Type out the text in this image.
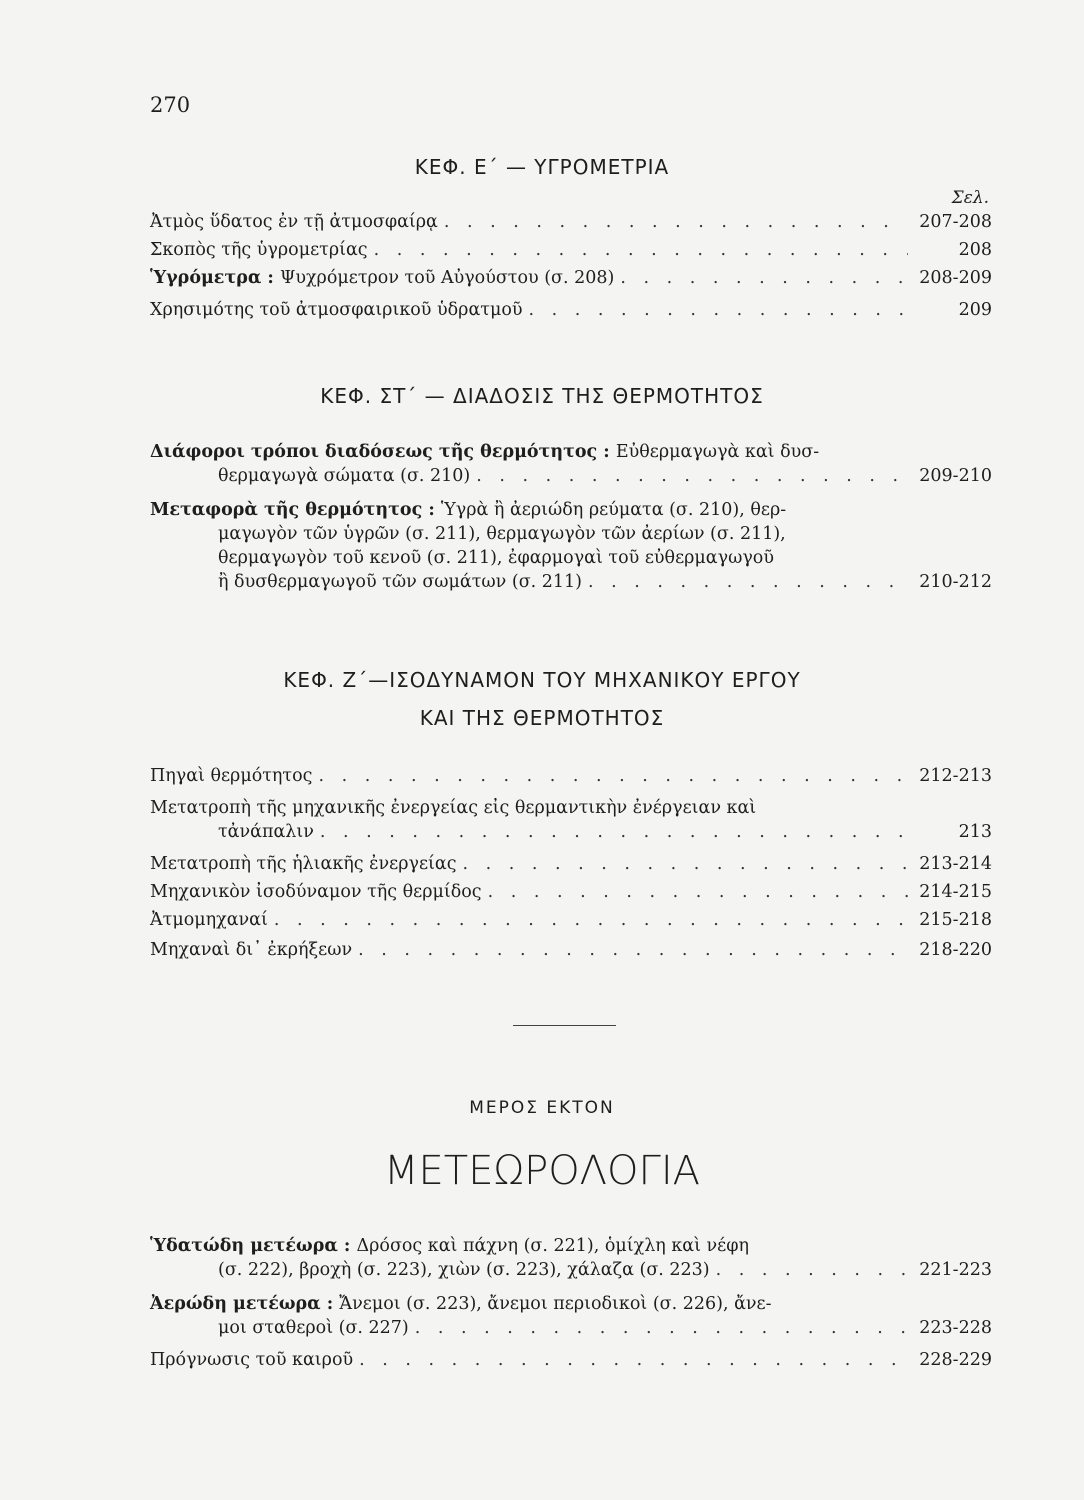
270
ΚΕΦ. Ε΄ — ΥΓΡΟΜΕΤΡΙΑ
Σελ.
Ἀτμὸς ὕδατος ἐν τῇ ἀτμοσφαίρᾳ . . .	207-208
Σκοπὸς τῆς ὑγρομετρίας . . .	208
Ὑγρόμετρα : Ψυχρόμετρον τοῦ Αὐγούστου (σ. 208) . . .	208-209
Χρησιμότης τοῦ ἀτμοσφαιρικοῦ ὑδρατμοῦ . . .	209
ΚΕΦ. ΣΤ΄ — ΔΙΑΔΟΣΙΣ ΤΗΣ ΘΕΡΜΟΤΗΤΟΣ
Διάφοροι τρόποι διαδόσεως τῆς θερμότητος : Εὐθερμαγωγὰ καὶ δυσ-
θερμαγωγὰ σώματα (σ. 210) . . .	209-210
Μεταφορὰ τῆς θερμότητος : Ὑγρὰ ἢ ἀεριώδη ρεύματα (σ. 210), θερ-
μαγωγὸν τῶν ὑγρῶν (σ. 211), θερμαγωγὸν τῶν ἀερίων (σ. 211),
θερμαγωγὸν τοῦ κενοῦ (σ. 211), ἐφαρμογαὶ τοῦ εὐθερμαγωγοῦ
ἢ δυσθερμαγωγοῦ τῶν σωμάτων (σ. 211) . . .	210-212
ΚΕΦ. Ζ΄—ΙΣΟΔΥΝΑΜΟΝ ΤΟΥ ΜΗΧΑΝΙΚΟΥ ΕΡΓΟΥ
ΚΑΙ ΤΗΣ ΘΕΡΜΟΤΗΤΟΣ
Πηγαὶ θερμότητος . . .	212-213
Μετατροπὴ τῆς μηχανικῆς ἐνεργείας εἰς θερμαντικὴν ἐνέργειαν καὶ
τἀνάπαλιν . . .	213
Μετατροπὴ τῆς ἡλιακῆς ἐνεργείας . . .	213-214
Μηχανικὸν ἰσοδύναμον τῆς θερμίδος . . .	214-215
Ἀτμομηχαναί . . .	215-218
Μηχαναὶ δι᾽ ἐκρήξεων . . .	218-220
ΜΕΡΟΣ ΕΚΤΟΝ
ΜΕΤΕΩΡΟΛΟΓΙΑ
Ὑδατώδη μετέωρα : Δρόσος καὶ πάχνη (σ. 221), ὁμίχλη καὶ νέφη
(σ. 222), βροχὴ (σ. 223), χιὼν (σ. 223), χάλαζα (σ. 223) . . .	221-223
Ἀερώδη μετέωρα : Ἄνεμοι (σ. 223), ἄνεμοι περιοδικοὶ (σ. 226), ἄνε-
μοι σταθεροὶ (σ. 227) . . .	223-228
Πρόγνωσις τοῦ καιροῦ . . .	228-229
